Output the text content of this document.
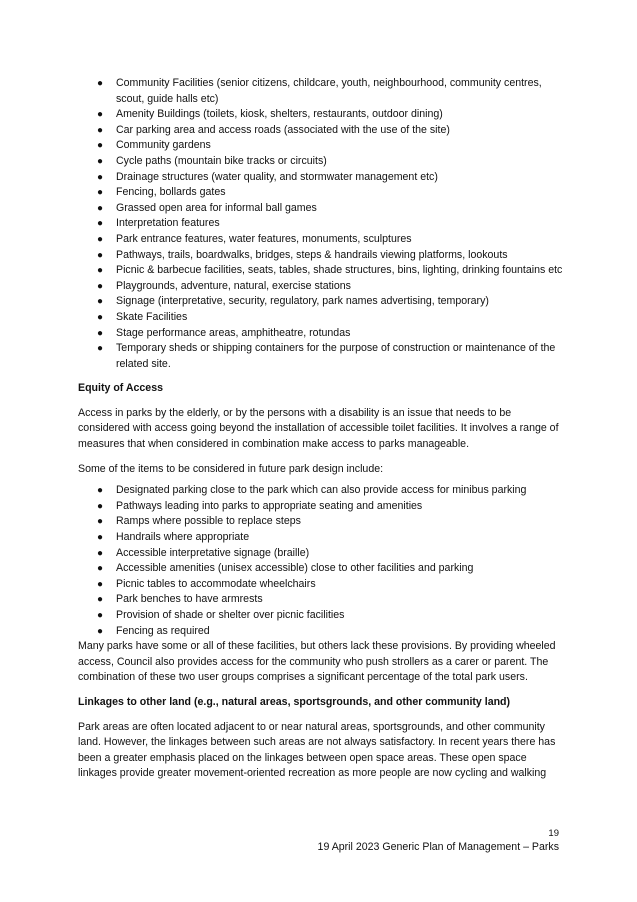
● Community Facilities (senior citizens, childcare, youth, neighbourhood, community centres, scout, guide halls etc)
● Amenity Buildings (toilets, kiosk, shelters, restaurants, outdoor dining)
● Car parking area and access roads (associated with the use of the site)
● Community gardens
● Cycle paths (mountain bike tracks or circuits)
● Drainage structures (water quality, and stormwater management etc)
● Fencing, bollards gates
● Grassed open area for informal ball games
● Interpretation features
● Park entrance features, water features, monuments, sculptures
● Pathways, trails, boardwalks, bridges, steps & handrails viewing platforms, lookouts
● Picnic & barbecue facilities, seats, tables, shade structures, bins, lighting, drinking fountains etc
● Playgrounds, adventure, natural, exercise stations
● Signage (interpretative, security, regulatory, park names advertising, temporary)
● Skate Facilities
● Stage performance areas, amphitheatre, rotundas
● Temporary sheds or shipping containers for the purpose of construction or maintenance of the related site.

Equity of Access

Access in parks by the elderly, or by the persons with a disability is an issue that needs to be considered with access going beyond the installation of accessible toilet facilities. It involves a range of measures that when considered in combination make access to parks manageable.

Some of the items to be considered in future park design include:

● Designated parking close to the park which can also provide access for minibus parking
● Pathways leading into parks to appropriate seating and amenities
● Ramps where possible to replace steps
● Handrails where appropriate
● Accessible interpretative signage (braille)
● Accessible amenities (unisex accessible) close to other facilities and parking
● Picnic tables to accommodate wheelchairs
● Park benches to have armrests
● Provision of shade or shelter over picnic facilities
● Fencing as required

Many parks have some or all of these facilities, but others lack these provisions. By providing wheeled access, Council also provides access for the community who push strollers as a carer or parent. The combination of these two user groups comprises a significant percentage of the total park users.

Linkages to other land (e.g., natural areas, sportsgrounds, and other community land)

Park areas are often located adjacent to or near natural areas, sportsgrounds, and other community land. However, the linkages between such areas are not always satisfactory. In recent years there has been a greater emphasis placed on the linkages between open space areas. These open space linkages provide greater movement-oriented recreation as more people are now cycling and walking

19
19 April 2023 Generic Plan of Management – Parks
